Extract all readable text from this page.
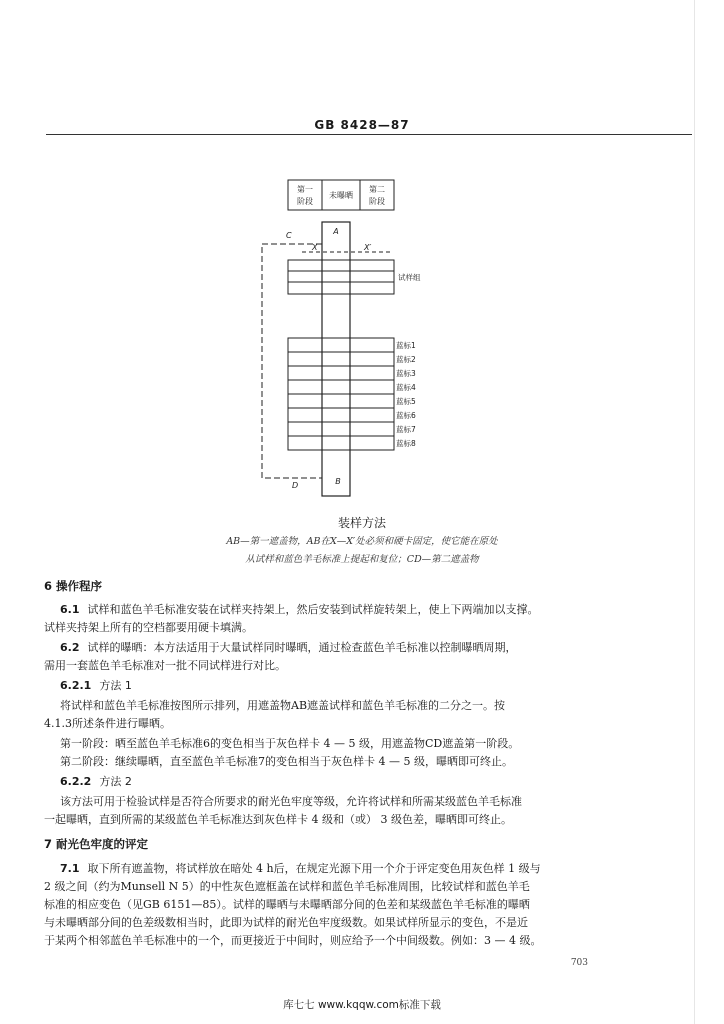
GB 8428—87
第一
阶段
未曝晒
第二
阶段
A
C
X	X′
D	B
试样组
蓝标1
蓝标2
蓝标3
蓝标4
蓝标5
蓝标6
蓝标7
蓝标8
装样方法
AB—第一遮盖物，AB在X—X′处必须和硬卡固定，使它能在原处
从试样和蓝色羊毛标准上提起和复位；CD—第二遮盖物
6 操作程序
6.1 试样和蓝色羊毛标准安装在试样夹持架上，然后安装到试样旋转架上，使上下两端加以支撑。
试样夹持架上所有的空档都要用硬卡填满。
6.2 试样的曝晒：本方法适用于大量试样同时曝晒，通过检查蓝色羊毛标准以控制曝晒周期，
需用一套蓝色羊毛标准对一批不同试样进行对比。
6.2.1 方法 1
将试样和蓝色羊毛标准按图所示排列，用遮盖物AB遮盖试样和蓝色羊毛标准的二分之一。按
4.1.3所述条件进行曝晒。
第一阶段：晒至蓝色羊毛标准6的变色相当于灰色样卡 4 — 5 级，用遮盖物CD遮盖第一阶段。
第二阶段：继续曝晒，直至蓝色羊毛标准7的变色相当于灰色样卡 4 — 5 级，曝晒即可终止。
6.2.2 方法 2
该方法可用于检验试样是否符合所要求的耐光色牢度等级，允许将试样和所需某级蓝色羊毛标准
一起曝晒，直到所需的某级蓝色羊毛标准达到灰色样卡 4 级和（或） 3 级色差，曝晒即可终止。
7 耐光色牢度的评定
7.1 取下所有遮盖物，将试样放在暗处 4 h后，在规定光源下用一个介于评定变色用灰色样 1 级与
2 级之间（约为Munsell N 5）的中性灰色遮框盖在试样和蓝色羊毛标准周围，比较试样和蓝色羊毛
标准的相应变色（见GB 6151—85）。试样的曝晒与未曝晒部分间的色差和某级蓝色羊毛标准的曝晒
与未曝晒部分间的色差级数相当时，此即为试样的耐光色牢度级数。如果试样所显示的变色，不是近
于某两个相邻蓝色羊毛标准中的一个，而更接近于中间时，则应给予一个中间级数。例如：3 — 4 级。
703
库七七 www.kqqw.com标准下载
